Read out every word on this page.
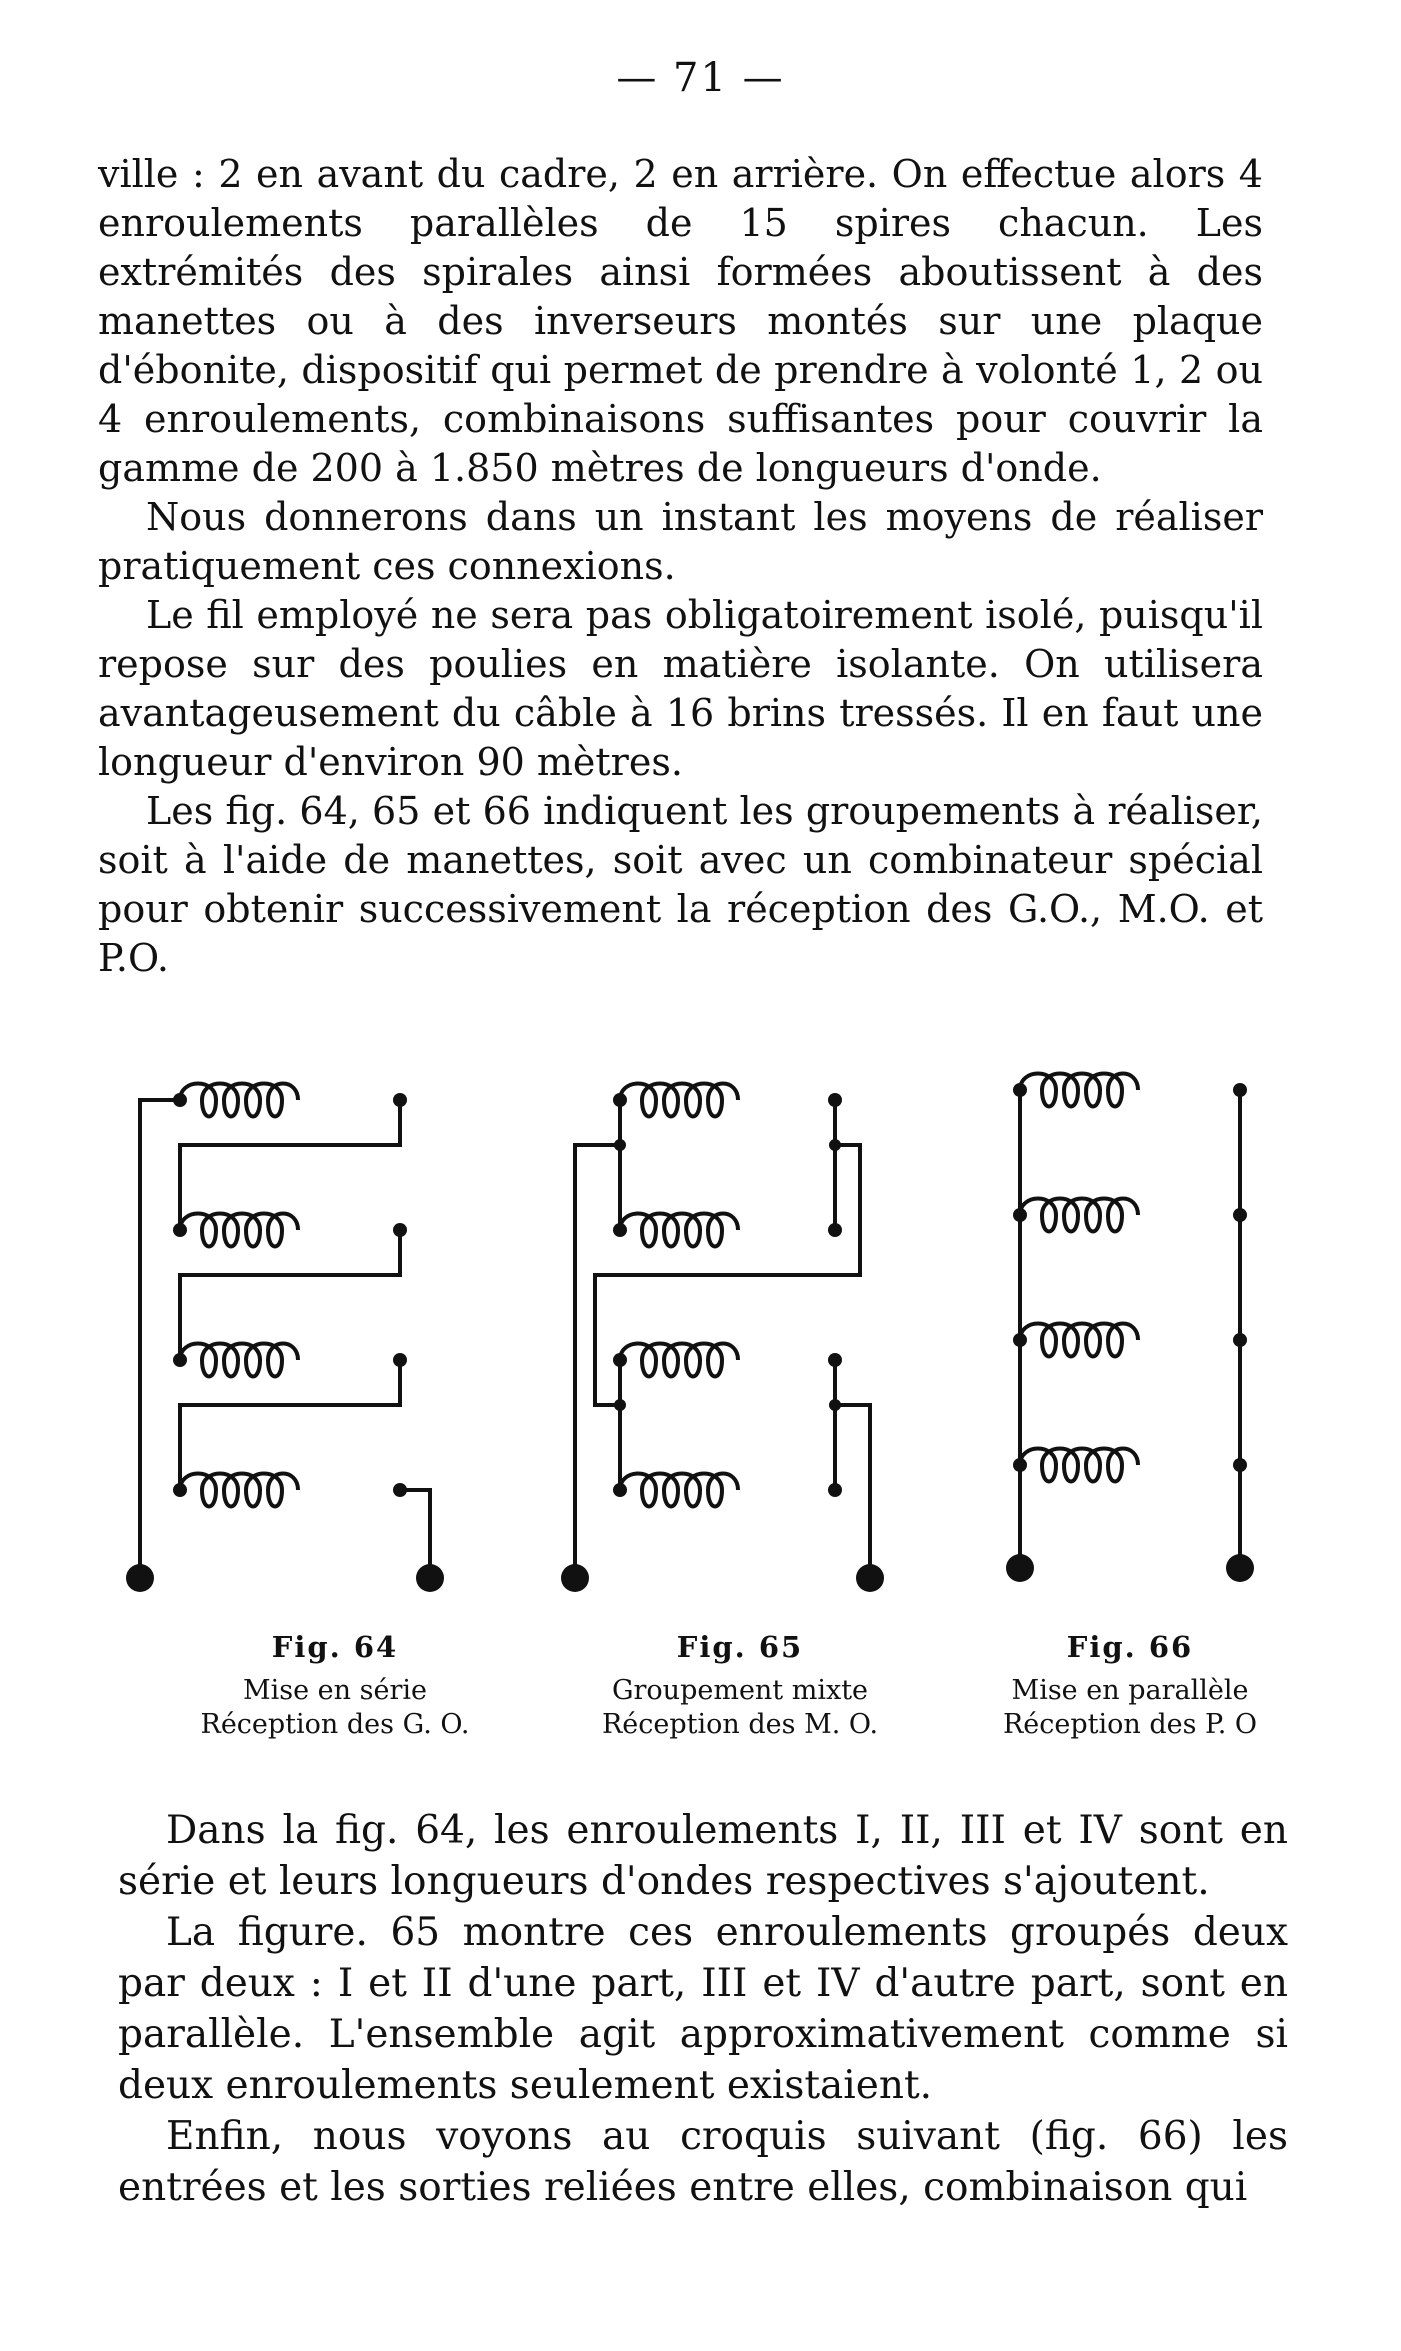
— 71 —

ville : 2 en avant du cadre, 2 en arrière. On effectue alors 4 enroulements parallèles de 15 spires chacun. Les extrémités des spirales ainsi formées aboutissent à des manettes ou à des inverseurs montés sur une plaque d'ébonite, dispositif qui permet de prendre à volonté 1, 2 ou 4 enroulements, combinaisons suffisantes pour couvrir la gamme de 200 à 1.850 mètres de longueurs d'onde.

Nous donnerons dans un instant les moyens de réaliser pratiquement ces connexions.

Le fil employé ne sera pas obligatoirement isolé, puisqu'il repose sur des poulies en matière isolante. On utilisera avantageusement du câble à 16 brins tressés. Il en faut une longueur d'environ 90 mètres.

Les fig. 64, 65 et 66 indiquent les groupements à réaliser, soit à l'aide de manettes, soit avec un combinateur spécial pour obtenir successivement la réception des G.O., M.O. et P.O.

Fig. 64
Mise en série
Réception des G. O.
Fig. 65
Groupement mixte
Réception des M. O.
Fig. 66
Mise en parallèle
Réception des P. O

Dans la fig. 64, les enroulements I, II, III et IV sont en série et leurs longueurs d'ondes respectives s'ajoutent.

La figure. 65 montre ces enroulements groupés deux par deux : I et II d'une part, III et IV d'autre part, sont en parallèle. L'ensemble agit approximativement comme si deux enroulements seulement existaient.

Enfin, nous voyons au croquis suivant (fig. 66) les entrées et les sorties reliées entre elles, combinaison qui
